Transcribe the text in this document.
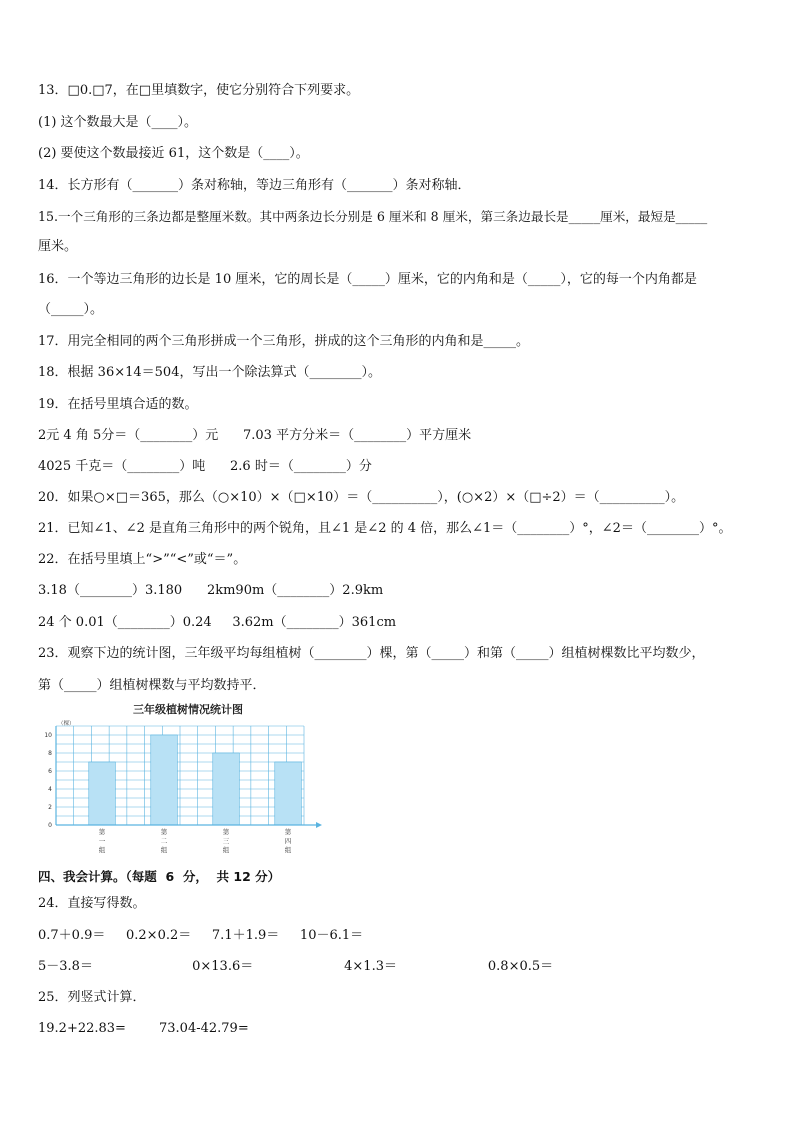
13．□0.□7，在□里填数字，使它分别符合下列要求。
(1) 这个数最大是（____）。
(2) 要使这个数最接近 61，这个数是（____）。
14．长方形有（_______）条对称轴，等边三角形有（_______）条对称轴．
15.一个三角形的三条边都是整厘米数。其中两条边长分别是 6 厘米和 8 厘米，第三条边最长是_____厘米，最短是_____
厘米。
16．一个等边三角形的边长是 10 厘米，它的周长是（_____）厘米，它的内角和是（_____），它的每一个内角都是
（_____）。
17．用完全相同的两个三角形拼成一个三角形，拼成的这个三角形的内角和是_____。
18．根据 36×14＝504，写出一个除法算式（________）。
19．在括号里填合适的数。
2元 4 角 5分＝（________）元      7.03 平方分米＝（________）平方厘米
4025 千克＝（________）吨      2.6 时＝（________）分
20．如果○×□＝365，那么（○×10）×（□×10）＝（__________），(○×2）×（□÷2）＝（__________）。
21．已知∠1、∠2 是直角三角形中的两个锐角，且∠1 是∠2 的 4 倍，那么∠1＝（________）°，∠2＝（________）°。
22．在括号里填上“>”“<”或“＝”。
3.18（________）3.180      2km90m（________）2.9km
24 个 0.01（________）0.24     3.62m（________）361cm
23．观察下边的统计图，三年级平均每组植树（________）棵，第（_____）和第（_____）组植树棵数比平均数少，
第（_____）组植树棵数与平均数持平．
三年级植树情况统计图
（棵）
第
一
组
第
二
组
第
三
组
第
四
组
0
2
4
6
8
10
四、我会计算。（每题  6  分，  共 12 分）
24．直接写得数。
0.7＋0.9＝     0.2×0.2＝     7.1＋1.9＝     10－6.1＝
5－3.8＝                        0×13.6＝                      4×1.3＝                      0.8×0.5＝
25．列竖式计算．
19.2+22.83=        73.04-42.79=
